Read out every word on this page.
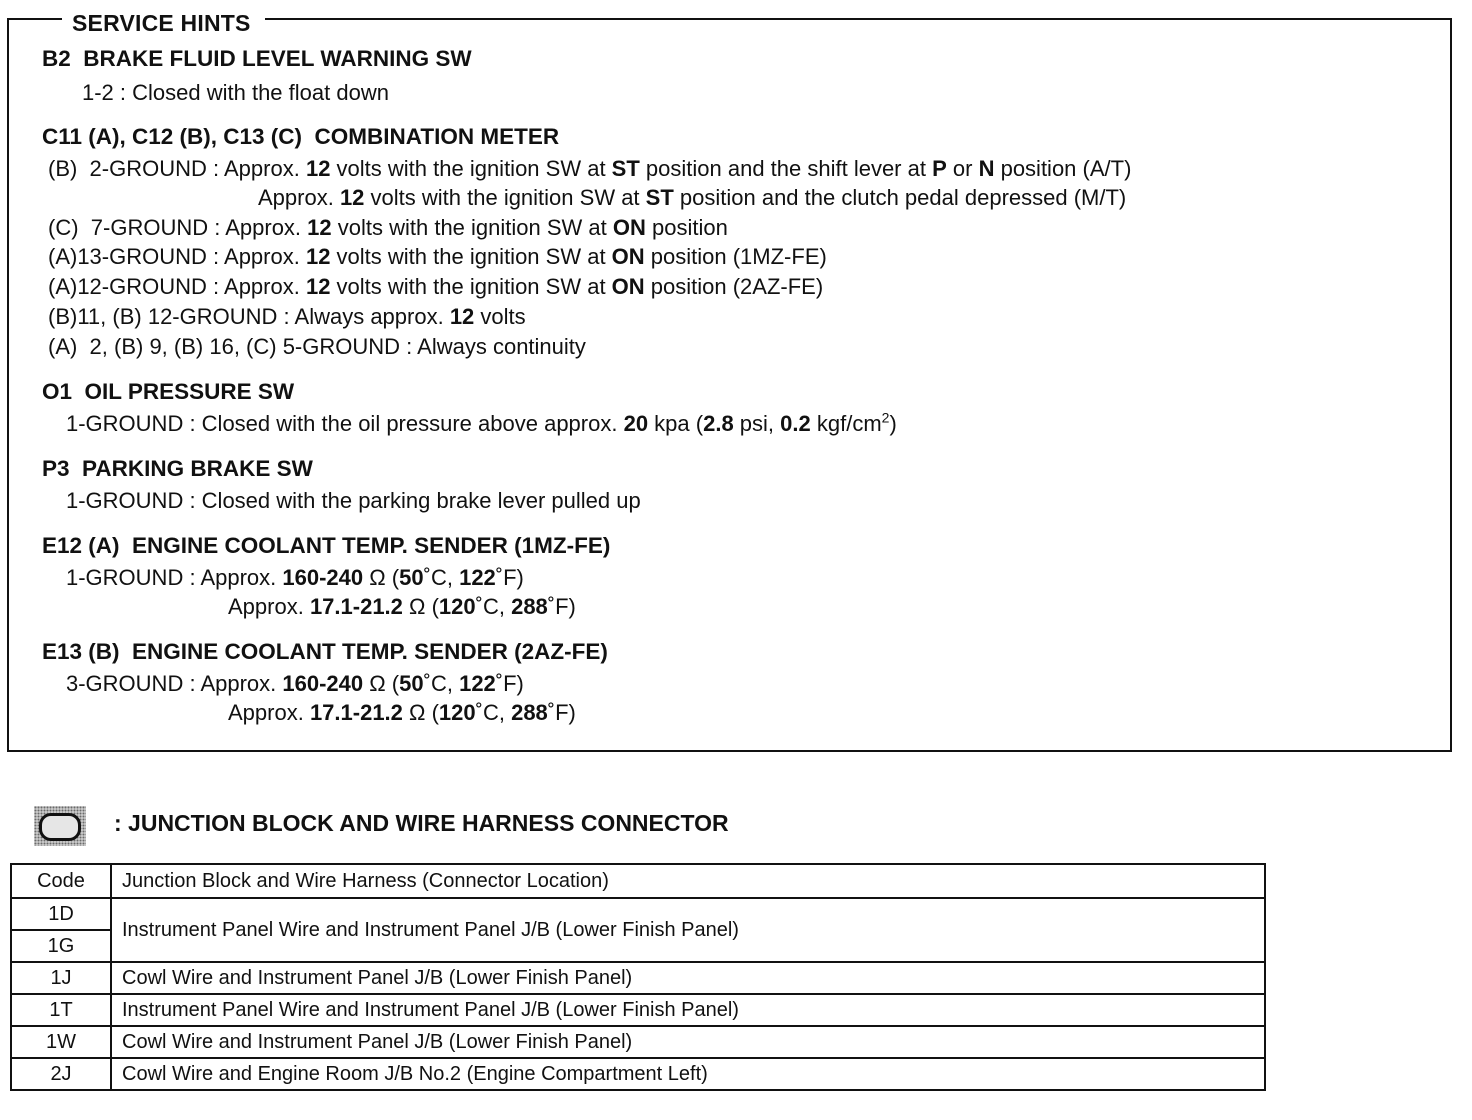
SERVICE HINTS
B2  BRAKE FLUID LEVEL WARNING SW
1-2 : Closed with the float down
C11 (A), C12 (B), C13 (C)  COMBINATION METER
(B)  2-GROUND : Approx. 12 volts with the ignition SW at ST position and the shift lever at P or N position (A/T)
Approx. 12 volts with the ignition SW at ST position and the clutch pedal depressed (M/T)
(C)  7-GROUND : Approx. 12 volts with the ignition SW at ON position
(A)13-GROUND : Approx. 12 volts with the ignition SW at ON position (1MZ-FE)
(A)12-GROUND : Approx. 12 volts with the ignition SW at ON position (2AZ-FE)
(B)11, (B) 12-GROUND : Always approx. 12 volts
(A)  2, (B) 9, (B) 16, (C) 5-GROUND : Always continuity
O1  OIL PRESSURE SW
1-GROUND : Closed with the oil pressure above approx. 20 kpa (2.8 psi, 0.2 kgf/$cm^2$)
P3  PARKING BRAKE SW
1-GROUND : Closed with the parking brake lever pulled up
E12 (A)  ENGINE COOLANT TEMP. SENDER (1MZ-FE)
1-GROUND : Approx. 160-240 Ω (50˚C, 122˚F)
Approx. 17.1-21.2 Ω (120˚C, 288˚F)
E13 (B)  ENGINE COOLANT TEMP. SENDER (2AZ-FE)
3-GROUND : Approx. 160-240 Ω (50˚C, 122˚F)
Approx. 17.1-21.2 Ω (120˚C, 288˚F)
: JUNCTION BLOCK AND WIRE HARNESS CONNECTOR
Code	Junction Block and Wire Harness (Connector Location)
1D	Instrument Panel Wire and Instrument Panel J/B (Lower Finish Panel)
1G	
1J	Cowl Wire and Instrument Panel J/B (Lower Finish Panel)
1T	Instrument Panel Wire and Instrument Panel J/B (Lower Finish Panel)
1W	Cowl Wire and Instrument Panel J/B (Lower Finish Panel)
2J	Cowl Wire and Engine Room J/B No.2 (Engine Compartment Left)
